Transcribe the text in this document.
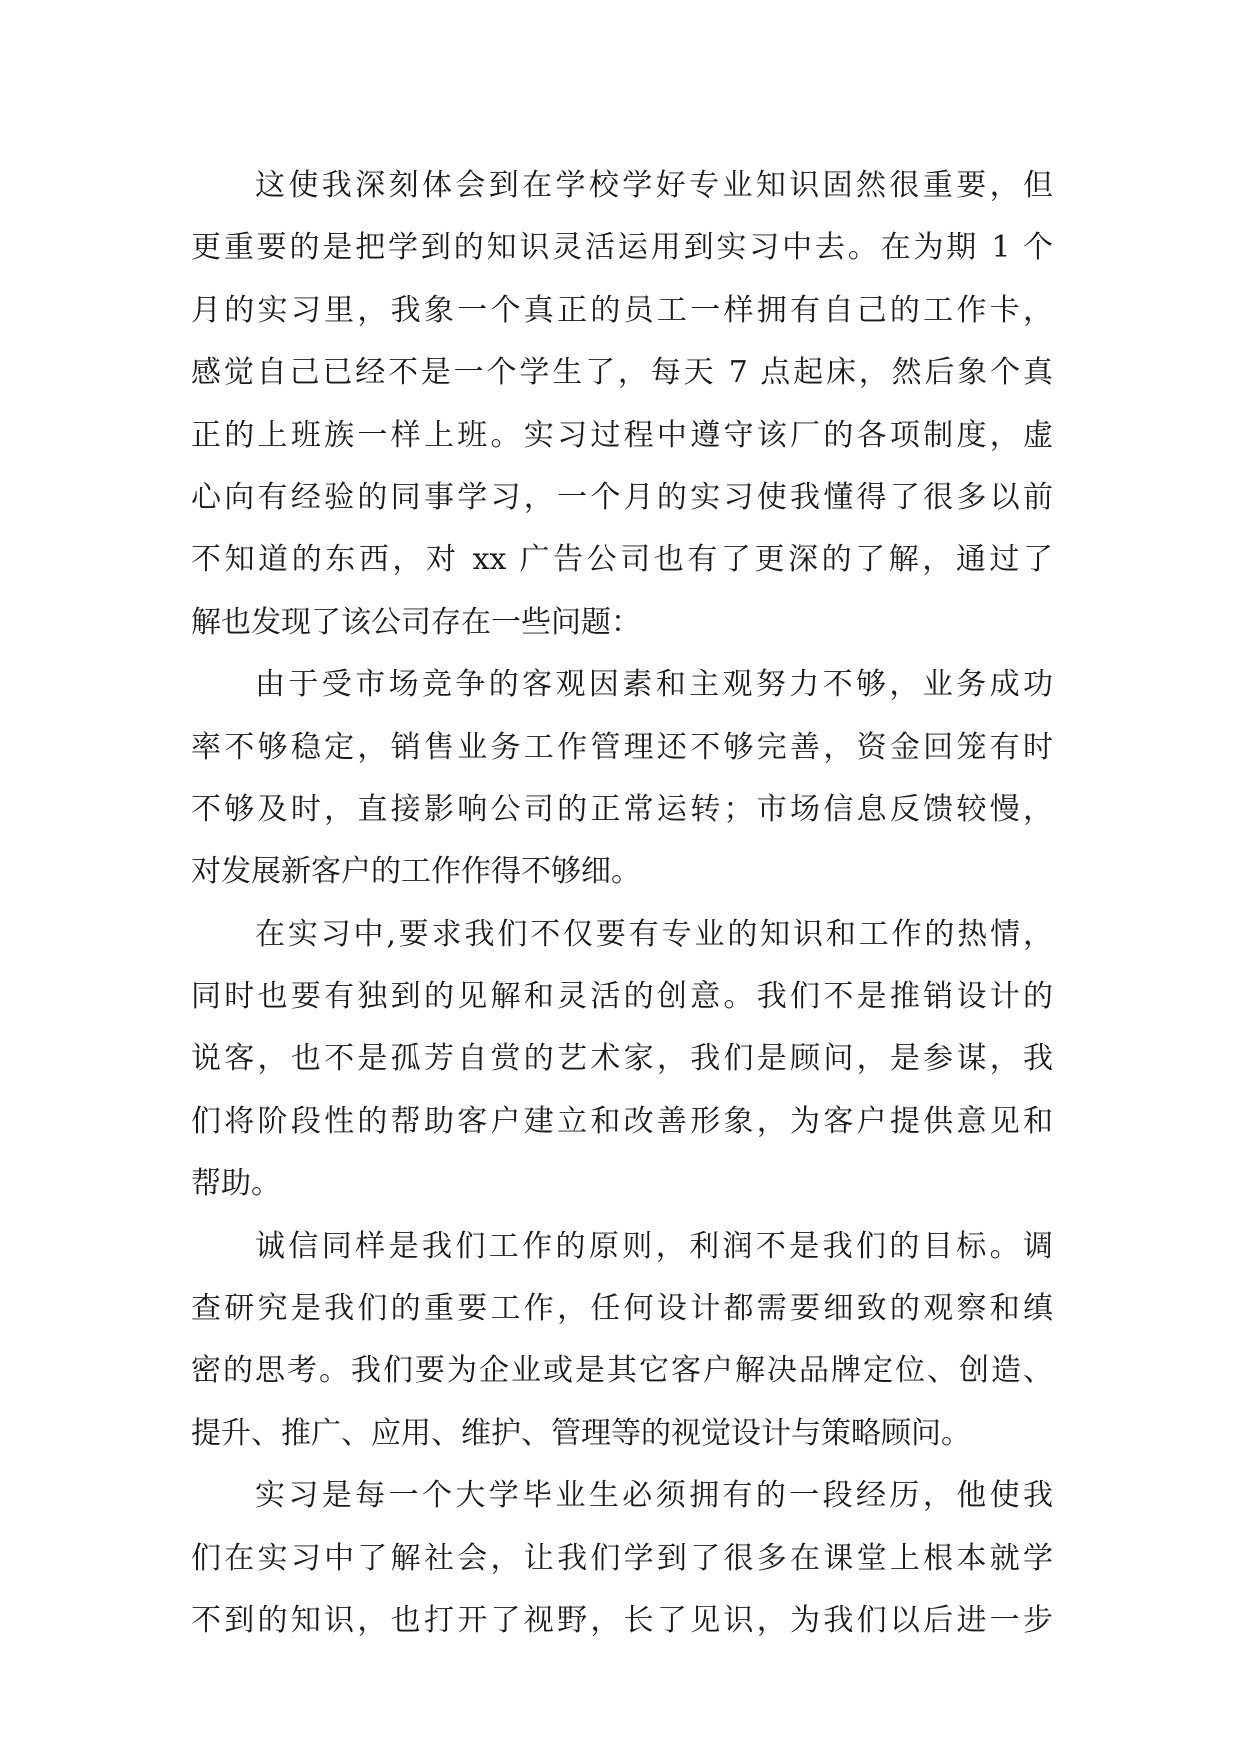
这使我深刻体会到在学校学好专业知识固然很重要，但
更重要的是把学到的知识灵活运用到实习中去。在为期 1 个
月的实习里，我象一个真正的员工一样拥有自己的工作卡，
感觉自己已经不是一个学生了，每天 7 点起床，然后象个真
正的上班族一样上班。实习过程中遵守该厂的各项制度，虚
心向有经验的同事学习，一个月的实习使我懂得了很多以前
不知道的东西，对 xx 广告公司也有了更深的了解，通过了
解也发现了该公司存在一些问题：
由于受市场竞争的客观因素和主观努力不够，业务成功
率不够稳定，销售业务工作管理还不够完善，资金回笼有时
不够及时，直接影响公司的正常运转；市场信息反馈较慢，
对发展新客户的工作作得不够细。
在实习中,要求我们不仅要有专业的知识和工作的热情，
同时也要有独到的见解和灵活的创意。我们不是推销设计的
说客，也不是孤芳自赏的艺术家，我们是顾问，是参谋，我
们将阶段性的帮助客户建立和改善形象，为客户提供意见和
帮助。
诚信同样是我们工作的原则，利润不是我们的目标。调
查研究是我们的重要工作，任何设计都需要细致的观察和缜
密的思考。我们要为企业或是其它客户解决品牌定位、创造、
提升、推广、应用、维护、管理等的视觉设计与策略顾问。
实习是每一个大学毕业生必须拥有的一段经历，他使我
们在实习中了解社会，让我们学到了很多在课堂上根本就学
不到的知识，也打开了视野，长了见识，为我们以后进一步
